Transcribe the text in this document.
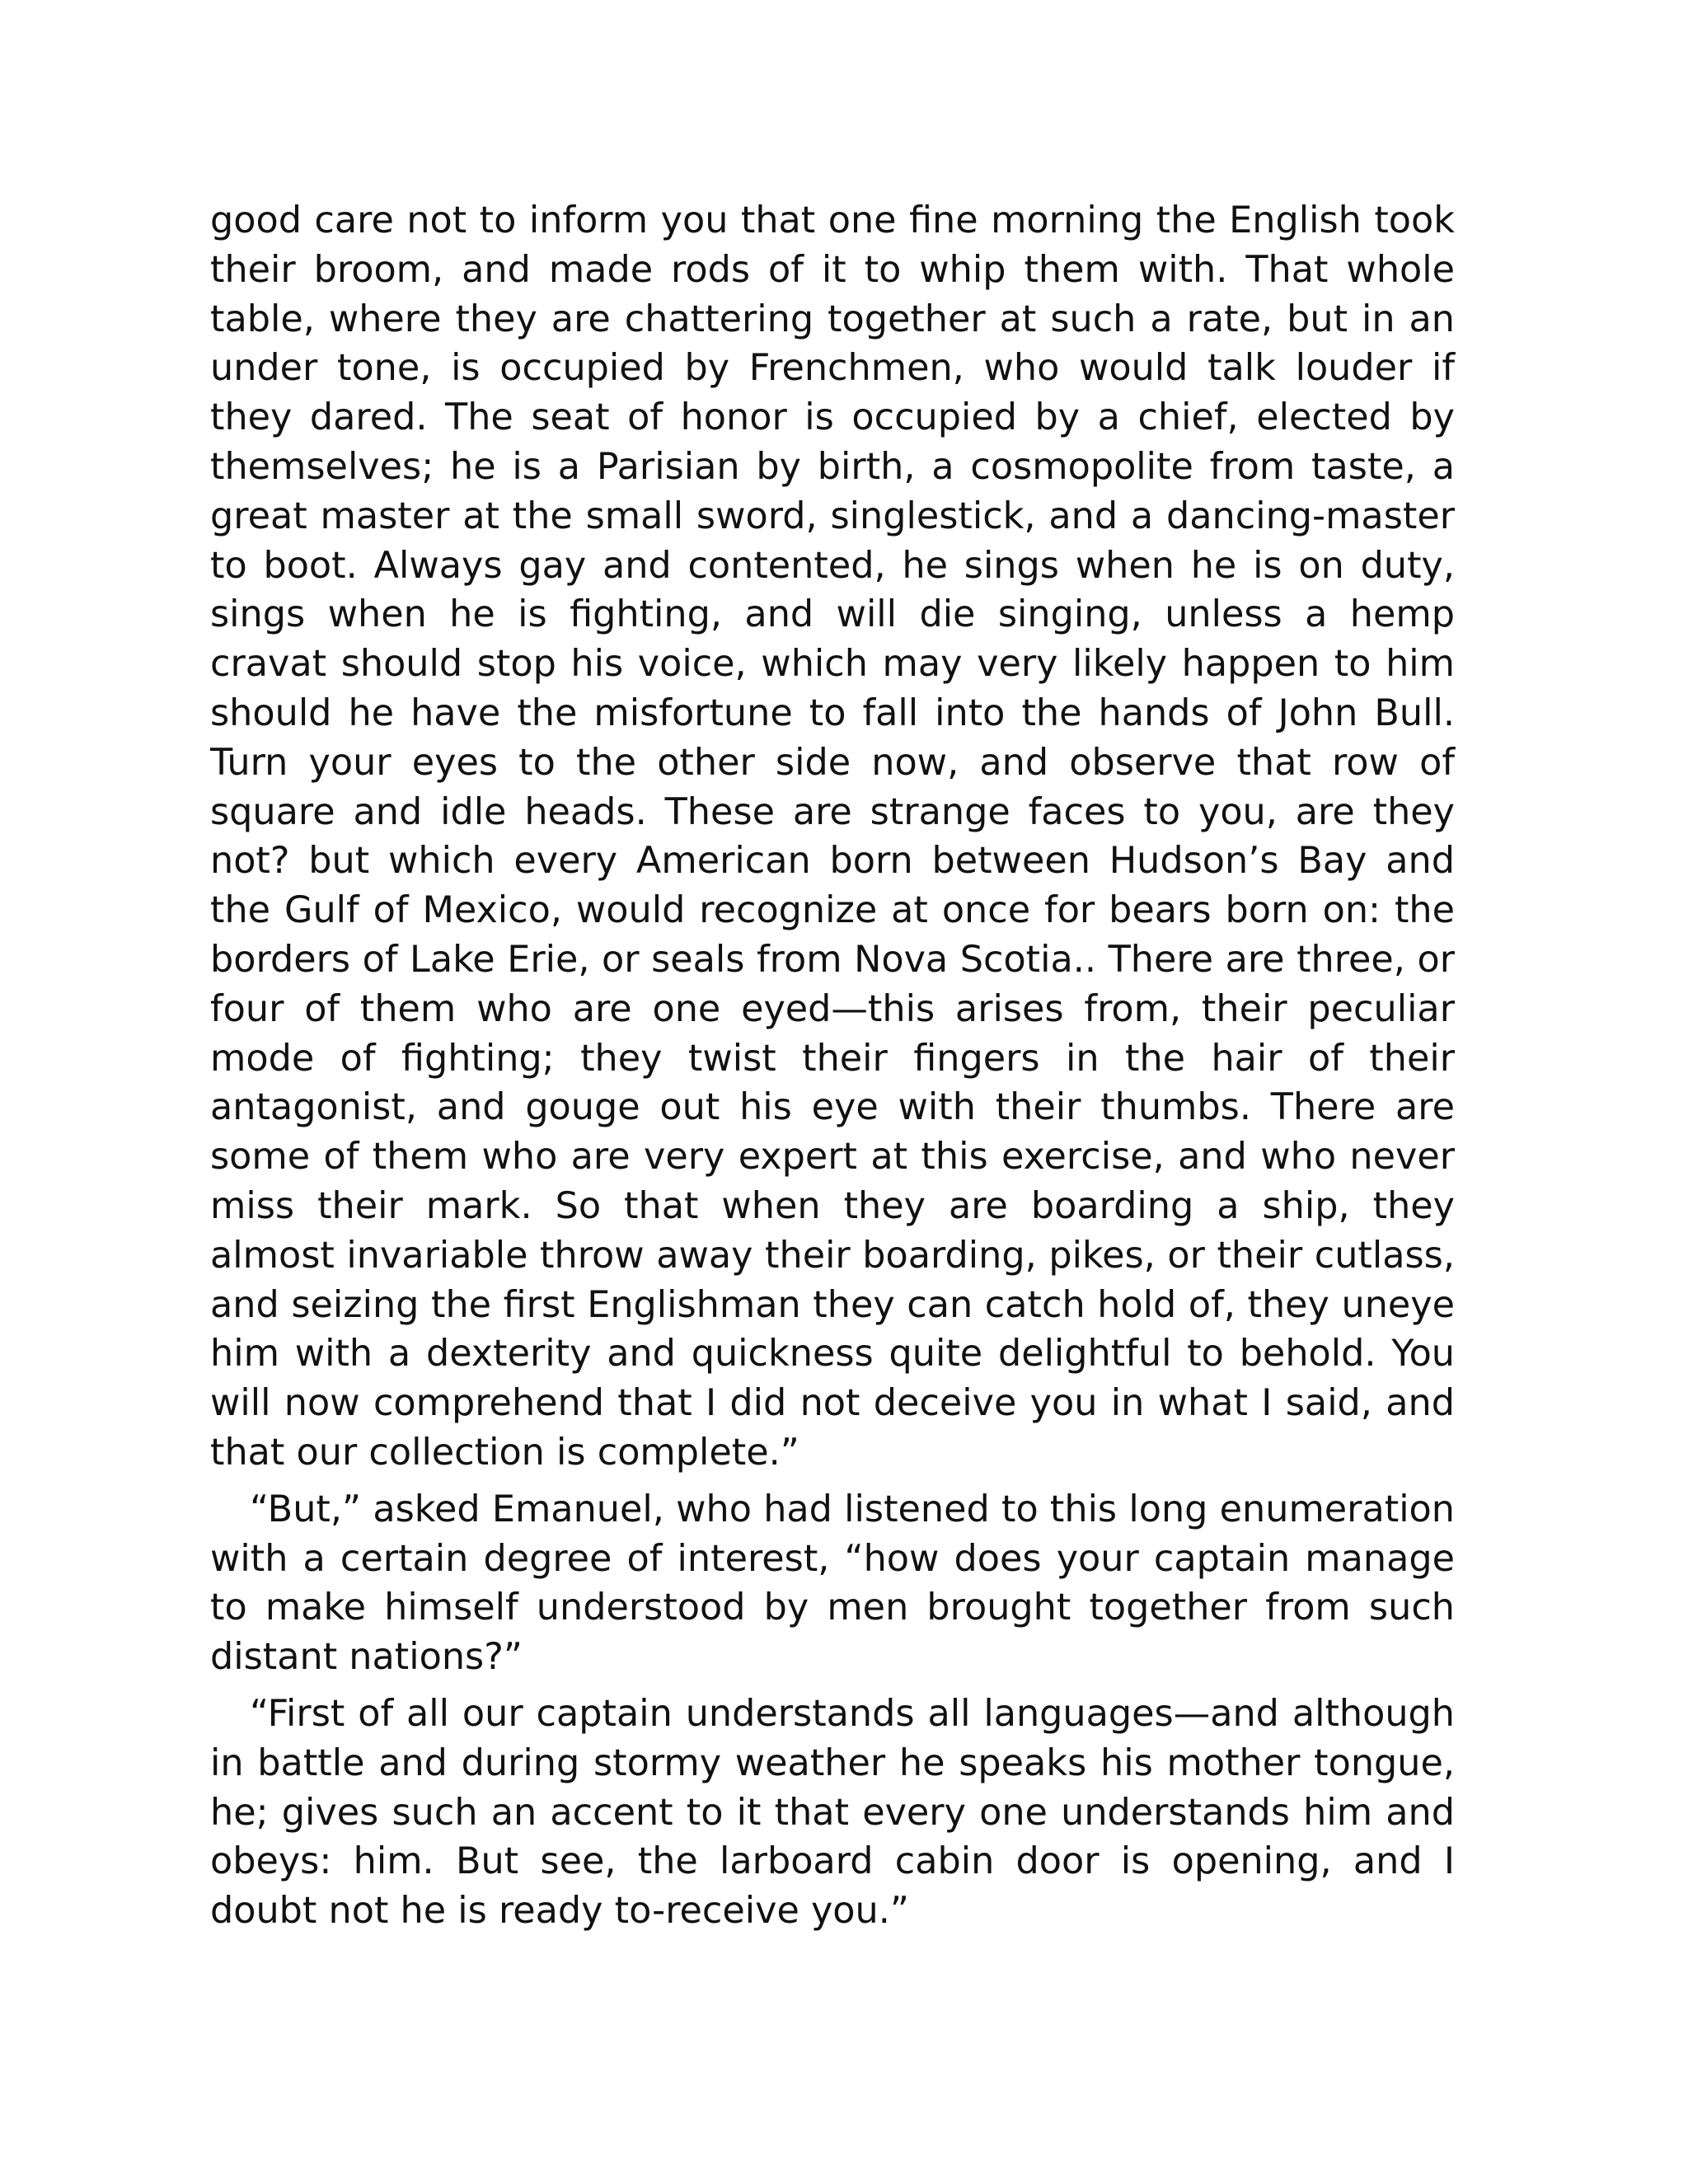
good care not to inform you that one fine morning the English took their broom, and made rods of it to whip them with. That whole table, where they are chattering together at such a rate, but in an under tone, is occupied by Frenchmen, who would talk louder if they dared. The seat of honor is occupied by a chief, elected by themselves; he is a Parisian by birth, a cosmopolite from taste, a great master at the small sword, singlestick, and a dancing-master to boot. Always gay and contented, he sings when he is on duty, sings when he is fighting, and will die singing, unless a hemp cravat should stop his voice, which may very likely happen to him should he have the misfortune to fall into the hands of John Bull. Turn your eyes to the other side now, and observe that row of square and idle heads. These are strange faces to you, are they not? but which every American born between Hudson’s Bay and the Gulf of Mexico, would recognize at once for bears born on: the borders of Lake Erie, or seals from Nova Scotia.. There are three, or four of them who are one eyed—this arises from, their peculiar mode of fighting; they twist their fingers in the hair of their antagonist, and gouge out his eye with their thumbs. There are some of them who are very expert at this exercise, and who never miss their mark. So that when they are boarding a ship, they almost invariable throw away their boarding, pikes, or their cutlass, and seizing the first Englishman they can catch hold of, they uneye him with a dexterity and quickness quite delightful to behold. You will now comprehend that I did not deceive you in what I said, and that our collection is complete.”

“But,” asked Emanuel, who had listened to this long enumeration with a certain degree of interest, “how does your captain manage to make himself understood by men brought together from such distant nations?”

“First of all our captain understands all languages—and although in battle and during stormy weather he speaks his mother tongue, he; gives such an accent to it that every one understands him and obeys: him. But see, the larboard cabin door is opening, and I doubt not he is ready to-receive you.”
